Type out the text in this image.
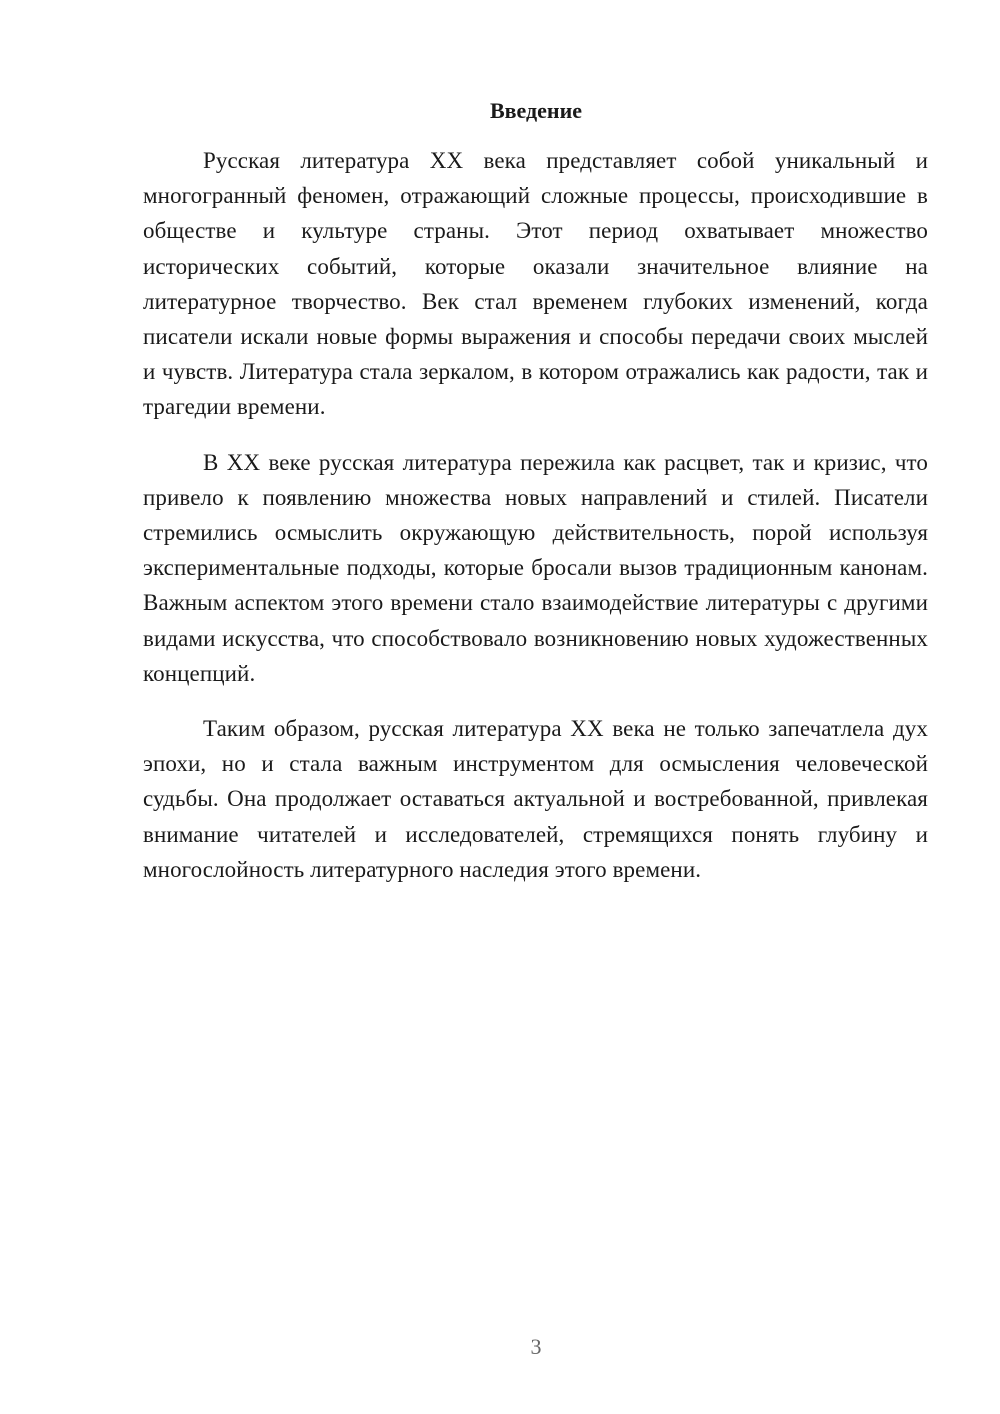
Введение

Русская литература XX века представляет собой уникальный и многогранный феномен, отражающий сложные процессы, происходившие в обществе и культуре страны. Этот период охватывает множество исторических событий, которые оказали значительное влияние на литературное творчество. Век стал временем глубоких изменений, когда писатели искали новые формы выражения и способы передачи своих мыслей и чувств. Литература стала зеркалом, в котором отражались как радости, так и трагедии времени.

В XX веке русская литература пережила как расцвет, так и кризис, что привело к появлению множества новых направлений и стилей. Писатели стремились осмыслить окружающую действительность, порой используя экспериментальные подходы, которые бросали вызов традиционным канонам. Важным аспектом этого времени стало взаимодействие литературы с другими видами искусства, что способствовало возникновению новых художественных концепций.

Таким образом, русская литература XX века не только запечатлела дух эпохи, но и стала важным инструментом для осмысления человеческой судьбы. Она продолжает оставаться актуальной и востребованной, привлекая внимание читателей и исследователей, стремящихся понять глубину и многослойность литературного наследия этого времени.

3
